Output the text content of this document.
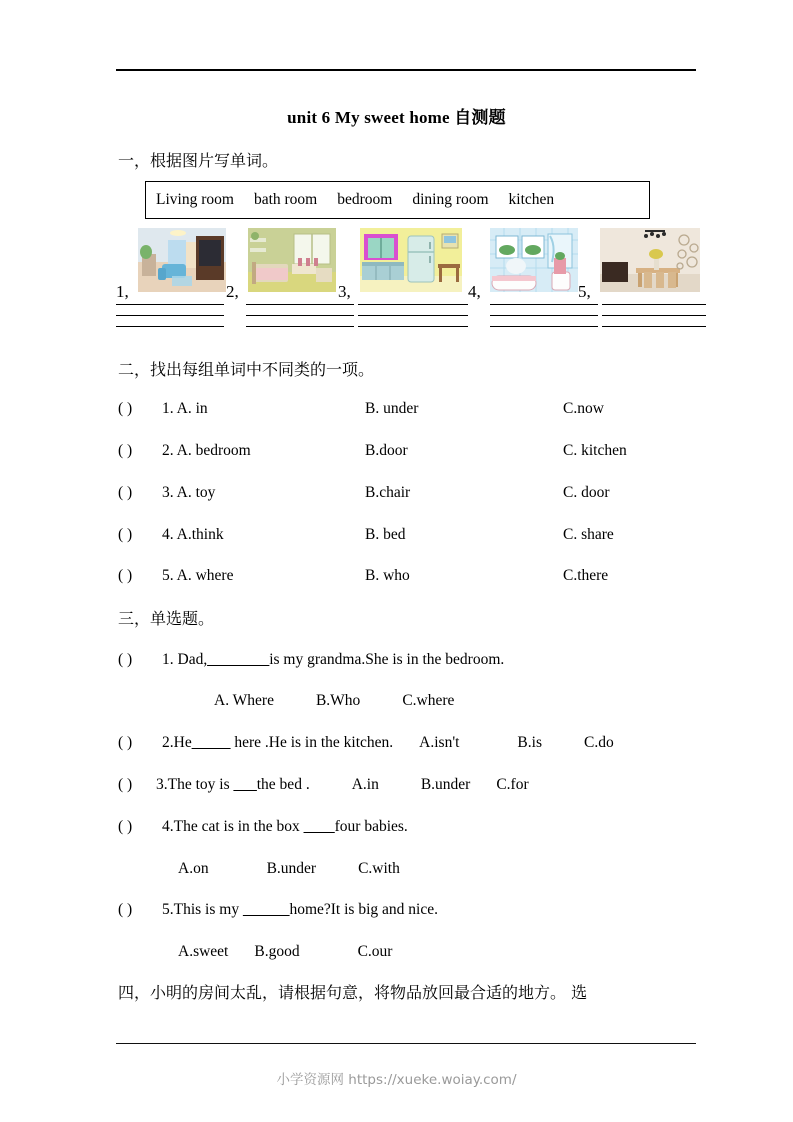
unit 6 My sweet home 自测题
一，根据图片写单词。
Living room bath room bedroom dining room kitchen
1,	2,	3,	4,	5,
二，找出每组单词中不同类的一项。
( ) 1. A. in	B. under	C.now
( ) 2. A. bedroom	B.door	C. kitchen
( ) 3. A. toy	B.chair	C. door
( ) 4. A.think	B. bed	C. share
( ) 5. A. where	B. who	C.there
三，单选题。
( ) 1. Dad,________is my grandma.She is in the bedroom.
A. Where	B.Who	C.where
( ) 2.He_____ here .He is in the kitchen. A.isn't	B.is	C.do
( ) 3.The toy is ___the bed .	A.in	B.under C.for
( ) 4.The cat is in the box ____four babies.
A.on	B.under	C.with
( ) 5.This is my ______home?It is big and nice.
A.sweet B.good	C.our
四，小明的房间太乱，请根据句意，将物品放回最合适的地方。 选
小学资源网 https://xueke.woiay.com/
